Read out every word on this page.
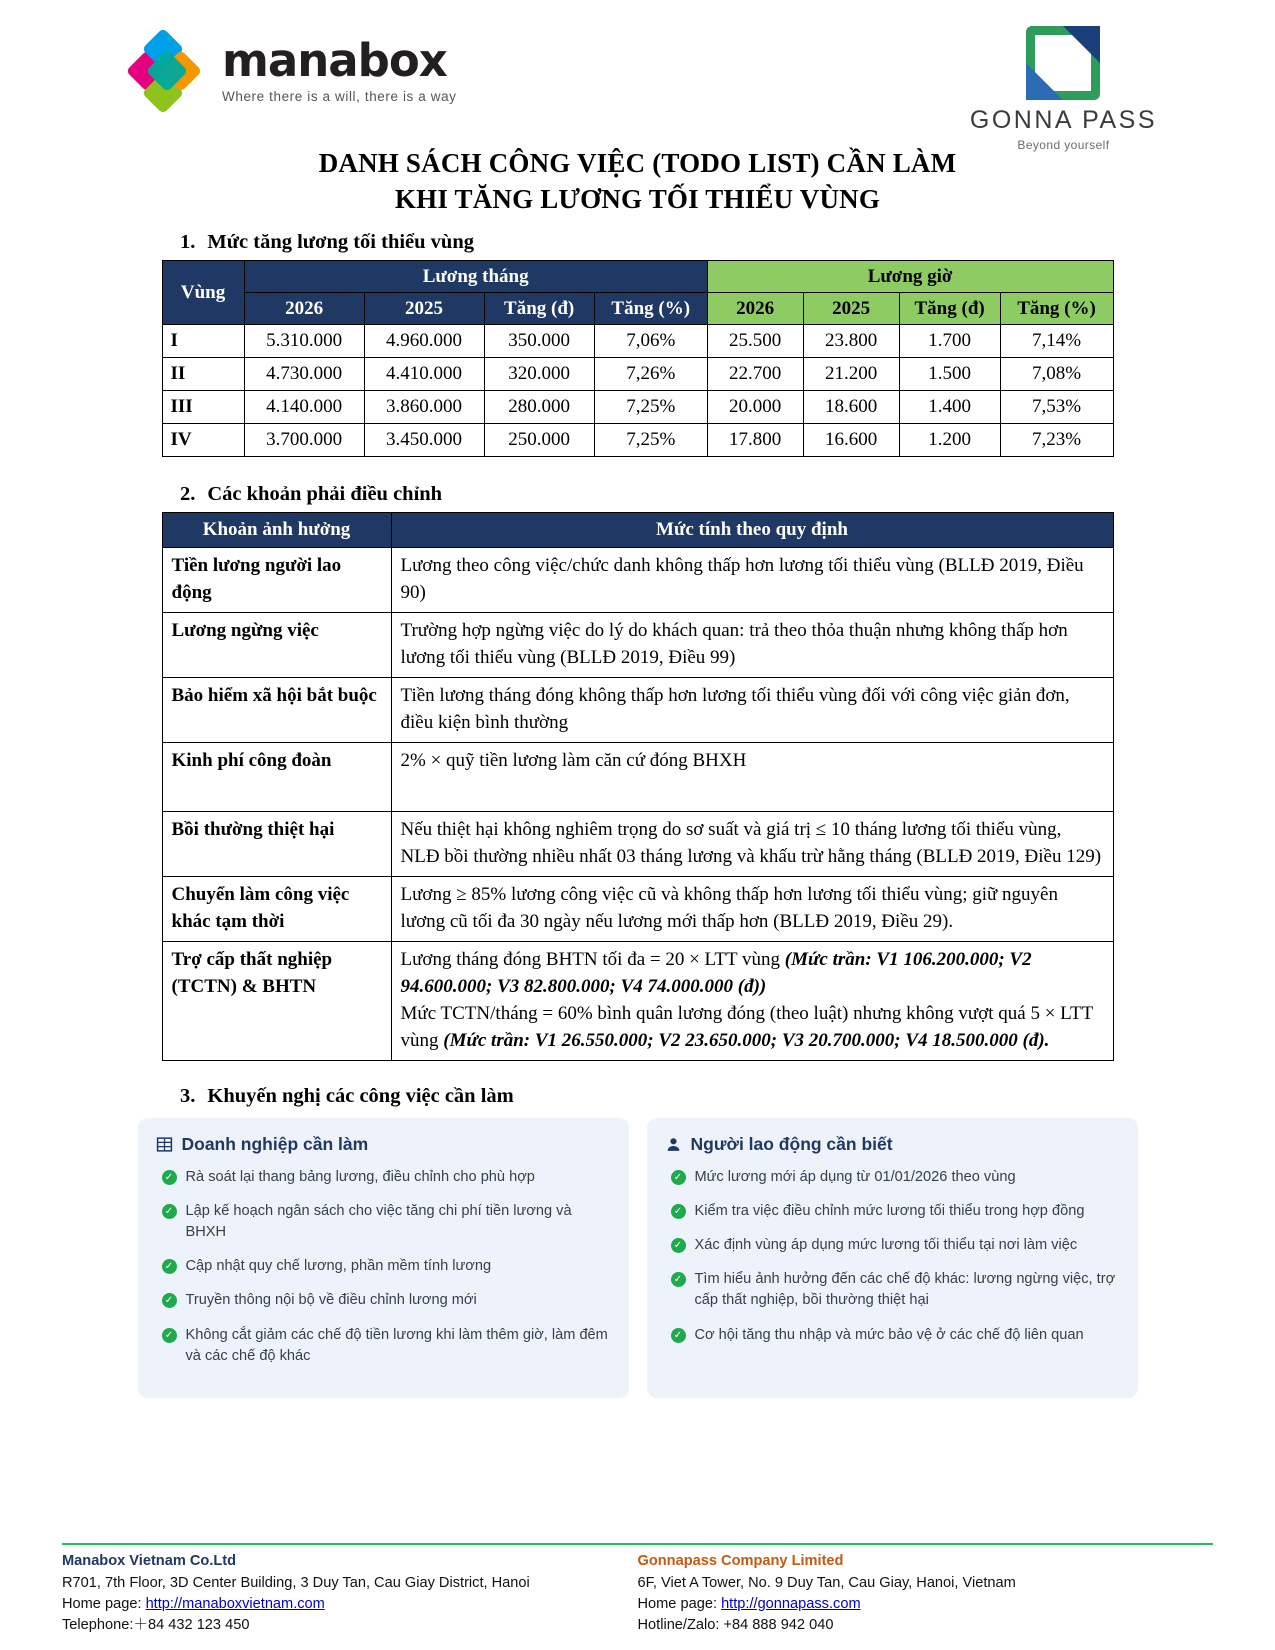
manabox
Where there is a will, there is a way
GONNA PASS
Beyond yourself
DANH SÁCH CÔNG VIỆC (TODO LIST) CẦN LÀM
KHI TĂNG LƯƠNG TỐI THIỂU VÙNG
1. Mức tăng lương tối thiểu vùng
Vùng	Lương tháng				Lương giờ			
	2026	2025	Tăng (đ)	Tăng (%)	2026	2025	Tăng (đ)	Tăng (%)
I	5.310.000	4.960.000	350.000	7,06%	25.500	23.800	1.700	7,14%
II	4.730.000	4.410.000	320.000	7,26%	22.700	21.200	1.500	7,08%
III	4.140.000	3.860.000	280.000	7,25%	20.000	18.600	1.400	7,53%
IV	3.700.000	3.450.000	250.000	7,25%	17.800	16.600	1.200	7,23%
2. Các khoản phải điều chỉnh
Khoản ảnh hưởng	Mức tính theo quy định
Tiền lương người lao động	Lương theo công việc/chức danh không thấp hơn lương tối thiểu vùng (BLLĐ 2019, Điều 90)
Lương ngừng việc	Trường hợp ngừng việc do lý do khách quan: trả theo thỏa thuận nhưng không thấp hơn lương tối thiểu vùng (BLLĐ 2019, Điều 99)
Bảo hiểm xã hội bắt buộc	Tiền lương tháng đóng không thấp hơn lương tối thiểu vùng đối với công việc giản đơn, điều kiện bình thường
Kinh phí công đoàn	2% × quỹ tiền lương làm căn cứ đóng BHXH
Bồi thường thiệt hại	Nếu thiệt hại không nghiêm trọng do sơ suất và giá trị ≤ 10 tháng lương tối thiểu vùng, NLĐ bồi thường nhiều nhất 03 tháng lương và khấu trừ hằng tháng (BLLĐ 2019, Điều 129)
Chuyển làm công việc khác tạm thời	Lương ≥ 85% lương công việc cũ và không thấp hơn lương tối thiểu vùng; giữ nguyên lương cũ tối đa 30 ngày nếu lương mới thấp hơn (BLLĐ 2019, Điều 29).
Trợ cấp thất nghiệp (TCTN) & BHTN	Lương tháng đóng BHTN tối đa = 20 × LTT vùng (Mức trần: V1 106.200.000; V2 94.600.000; V3 82.800.000; V4 74.000.000 (đ))
Mức TCTN/tháng = 60% bình quân lương đóng (theo luật) nhưng không vượt quá 5 × LTT vùng (Mức trần: V1 26.550.000; V2 23.650.000; V3 20.700.000; V4 18.500.000 (đ).
3. Khuyến nghị các công việc cần làm
Doanh nghiệp cần làm
✓ Rà soát lại thang bảng lương, điều chỉnh cho phù hợp
✓ Lập kế hoạch ngân sách cho việc tăng chi phí tiền lương và BHXH
✓ Cập nhật quy chế lương, phần mềm tính lương
✓ Truyền thông nội bộ về điều chỉnh lương mới
✓ Không cắt giảm các chế độ tiền lương khi làm thêm giờ, làm đêm và các chế độ khác
Người lao động cần biết
✓ Mức lương mới áp dụng từ 01/01/2026 theo vùng
✓ Kiểm tra việc điều chỉnh mức lương tối thiểu trong hợp đồng
✓ Xác định vùng áp dụng mức lương tối thiểu tại nơi làm việc
✓ Tìm hiểu ảnh hưởng đến các chế độ khác: lương ngừng việc, trợ cấp thất nghiệp, bồi thường thiệt hại
✓ Cơ hội tăng thu nhập và mức bảo vệ ở các chế độ liên quan
Manabox Vietnam Co.Ltd
R701, 7th Floor, 3D Center Building, 3 Duy Tan, Cau Giay District, Hanoi
Home page: http://manaboxvietnam.com
Telephone:＋84 432 123 450
Gonnapass Company Limited
6F, Viet A Tower, No. 9 Duy Tan, Cau Giay, Hanoi, Vietnam
Home page: http://gonnapass.com
Hotline/Zalo: +84 888 942 040
